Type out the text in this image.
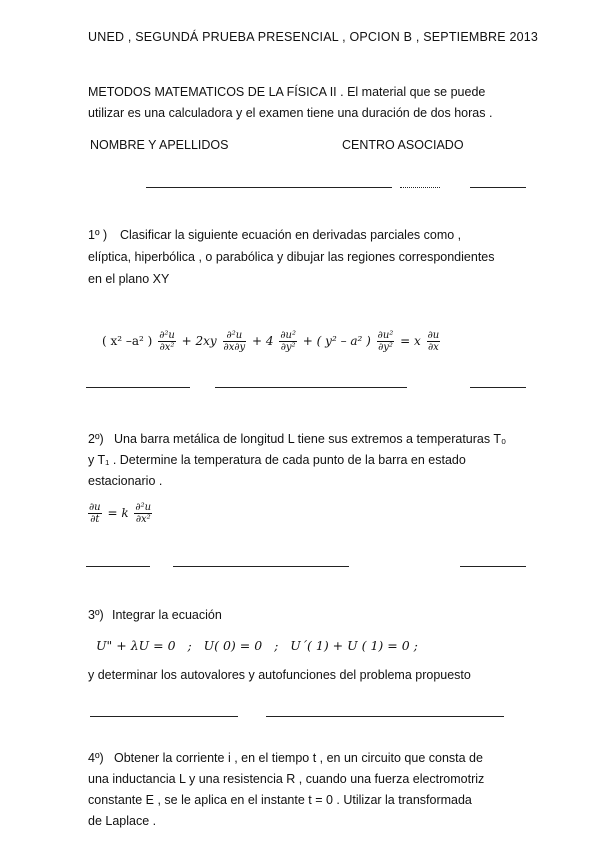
UNED , SEGUNDÁ PRUEBA PRESENCIAL , OPCION B , SEPTIEMBRE 2013
METODOS MATEMATICOS DE LA FÍSICA II . El material que se puede
utilizar es una calculadora y el examen tiene una duración de dos horas .
NOMBRE Y APELLIDOS	CENTRO ASOCIADO
1º ) Clasificar la siguiente ecuación en derivadas parciales como ,
elíptica, hiperbólica , o parabólica y dibujar las regiones correspondientes
en el plano XY
( x² –a² ) $\frac{\text{∂²u}}{\text{∂x²}} + 2xy \frac{\text{∂²u}}{\partial x\partial y} + 4 \frac{\text{∂u²}}{\text{∂y²}}$ + ( y² – a² ) $\frac{\text{∂u²}}{\text{∂y²}} = x \frac{\partial u}{\partial x}$
2º) Una barra metálica de longitud L tiene sus extremos a temperaturas T₀
y T₁ . Determine la temperatura de cada punto de la barra en estado
estacionario .
$\frac{\partial u}{\partial t} = k \frac{\text{∂²u}}{\text{∂x²}}$
3º) Integrar la ecuación
U" + λU = 0   ;   U( 0) = 0   ;   U´( 1) + U ( 1) = 0 ;
y determinar los autovalores y autofunciones del problema propuesto
4º) Obtener la corriente i , en el tiempo t , en un circuito que consta de
una inductancia L y una resistencia R , cuando una fuerza electromotriz
constante E , se le aplica en el instante t = 0 . Utilizar la transformada
de Laplace .
